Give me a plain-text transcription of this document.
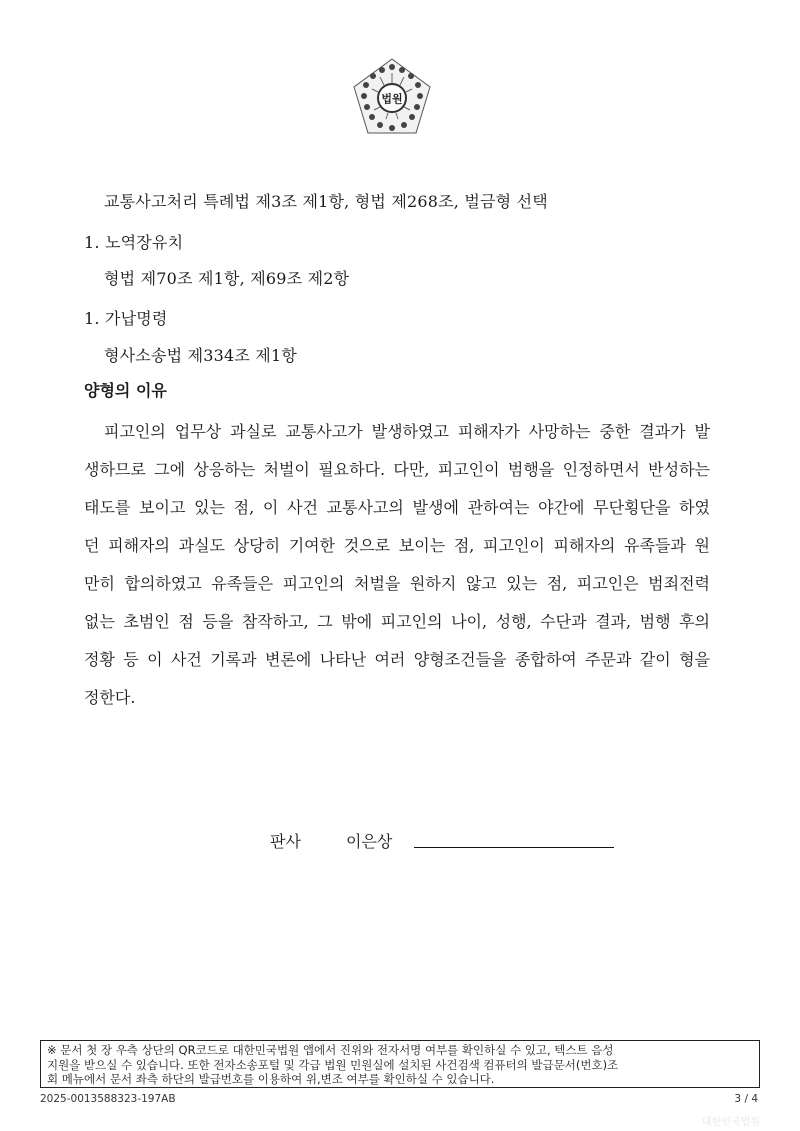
법원
교통사고처리 특례법 제3조 제1항, 형법 제268조, 벌금형 선택
1. 노역장유치
형법 제70조 제1항, 제69조 제2항
1. 가납명령
형사소송법 제334조 제1항
양형의 이유
피고인의 업무상 과실로 교통사고가 발생하였고 피해자가 사망하는 중한 결과가 발
생하므로 그에 상응하는 처벌이 필요하다. 다만, 피고인이 범행을 인정하면서 반성하는
태도를 보이고 있는 점, 이 사건 교통사고의 발생에 관하여는 야간에 무단횡단을 하였
던 피해자의 과실도 상당히 기여한 것으로 보이는 점, 피고인이 피해자의 유족들과 원
만히 합의하였고 유족들은 피고인의 처벌을 원하지 않고 있는 점, 피고인은 범죄전력
없는 초범인 점 등을 참작하고, 그 밖에 피고인의 나이, 성행, 수단과 결과, 범행 후의
정황 등 이 사건 기록과 변론에 나타난 여러 양형조건들을 종합하여 주문과 같이 형을
정한다.
판사	이은상
※ 문서 첫 장 우측 상단의 QR코드로 대한민국법원 앱에서 진위와 전자서명 여부를 확인하실 수 있고, 텍스트 음성
지원을 받으실 수 있습니다. 또한 전자소송포털 및 각급 법원 민원실에 설치된 사건검색 컴퓨터의 발급문서(번호)조
회 메뉴에서 문서 좌측 하단의 발급번호를 이용하여 위,변조 여부를 확인하실 수 있습니다.
2025-0013588323-197AB	3 / 4
대한민국법원
